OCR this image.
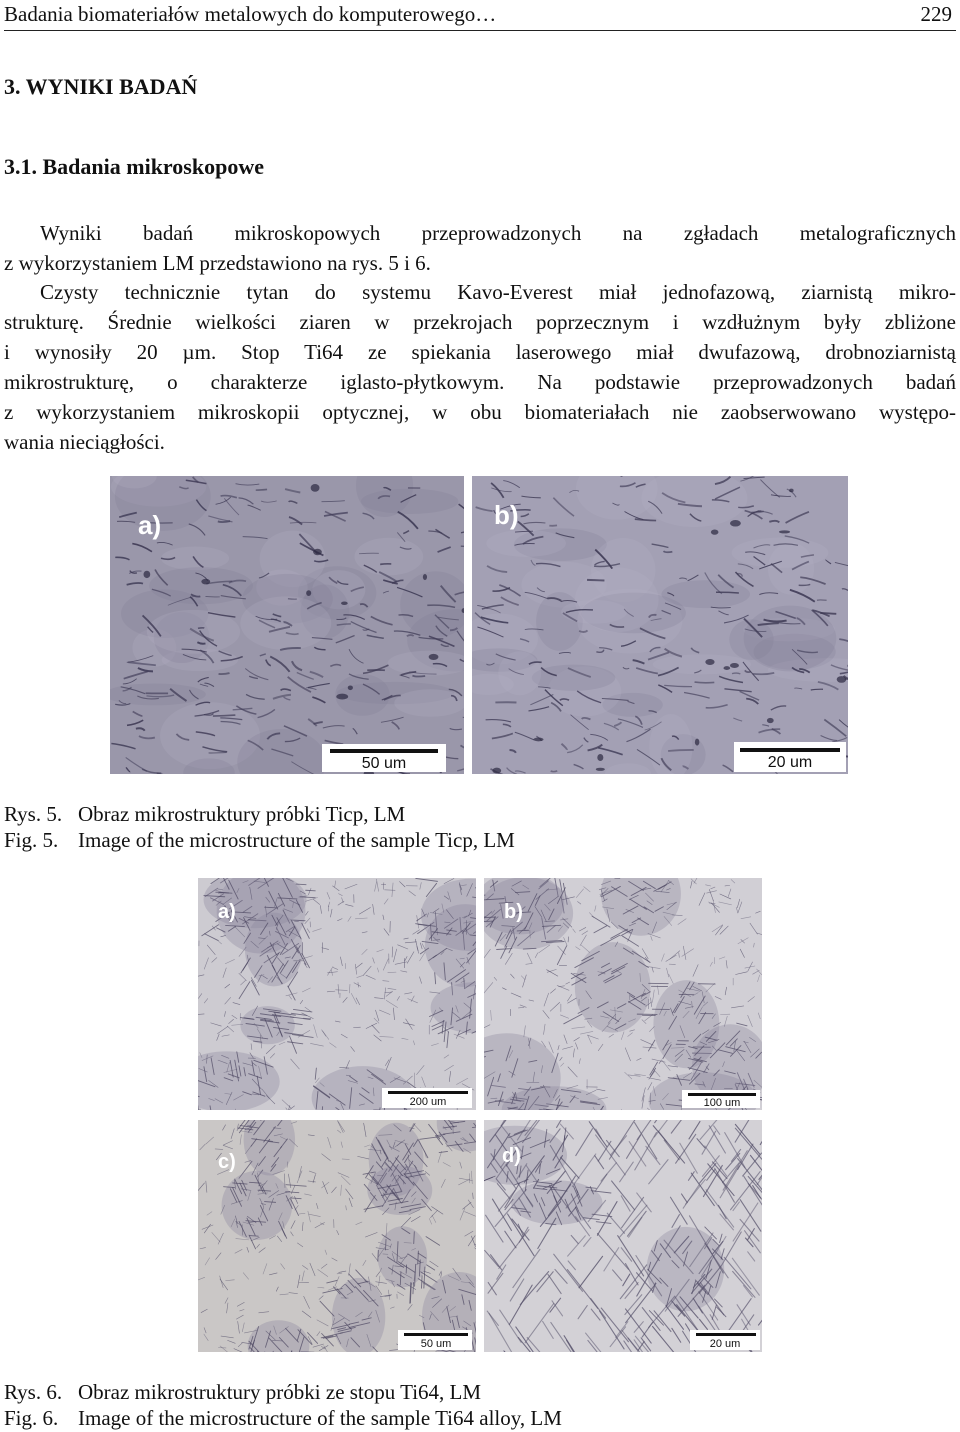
Badania biomateriałów metalowych do komputerowego…	229
3. WYNIKI BADAŃ
3.1. Badania mikroskopowe
Wyniki badań mikroskopowych przeprowadzonych na zgładach metalograficznych
z wykorzystaniem LM przedstawiono na rys. 5 i 6.
Czysty technicznie tytan do systemu Kavo-Everest miał jednofazową, ziarnistą mikro-
strukturę. Średnie wielkości ziaren w przekrojach poprzecznym i wzdłużnym były zbliżone
i wynosiły 20 µm. Stop Ti64 ze spiekania laserowego miał dwufazową, drobnoziarnistą
mikrostrukturę, o charakterze iglasto-płytkowym. Na podstawie przeprowadzonych badań
z wykorzystaniem mikroskopii optycznej, w obu biomateriałach nie zaobserwowano występo-
wania nieciągłości.
a)
50 um
b)
20 um
Rys. 5. Obraz mikrostruktury próbki Ticp, LM
Fig. 5. Image of the microstructure of the sample Ticp, LM
a)
200 um
b)
100 um
c)
50 um
d)
20 um
Rys. 6. Obraz mikrostruktury próbki ze stopu Ti64, LM
Fig. 6. Image of the microstructure of the sample Ti64 alloy, LM
